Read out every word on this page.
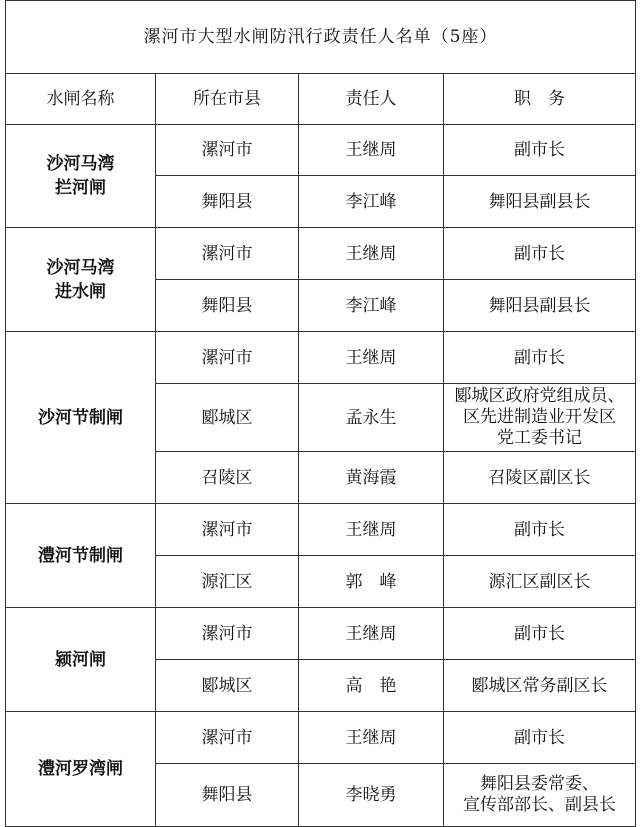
漯河市大型水闸防汛行政责任人名单（5座）			
水闸名称	所在市县	责任人	职　务

沙河马湾
拦河闸	漯河市	王继周	副市长

	舞阳县	李江峰	舞阳县副县长

沙河马湾
进水闸	漯河市	王继周	副市长

	舞阳县	李江峰	舞阳县副县长

沙河节制闸	漯河市	王继周	副市长

	郾城区	孟永生	郾城区政府党组成员、
区先进制造业开发区
党工委书记

	召陵区	黄海霞	召陵区副区长

澧河节制闸	漯河市	王继周	副市长

	源汇区	郭　峰	源汇区副区长

颍河闸	漯河市	王继周	副市长

	郾城区	高　艳	郾城区常务副区长

澧河罗湾闸	漯河市	王继周	副市长

	舞阳县	李晓勇	舞阳县委常委、
宣传部部长、副县长
